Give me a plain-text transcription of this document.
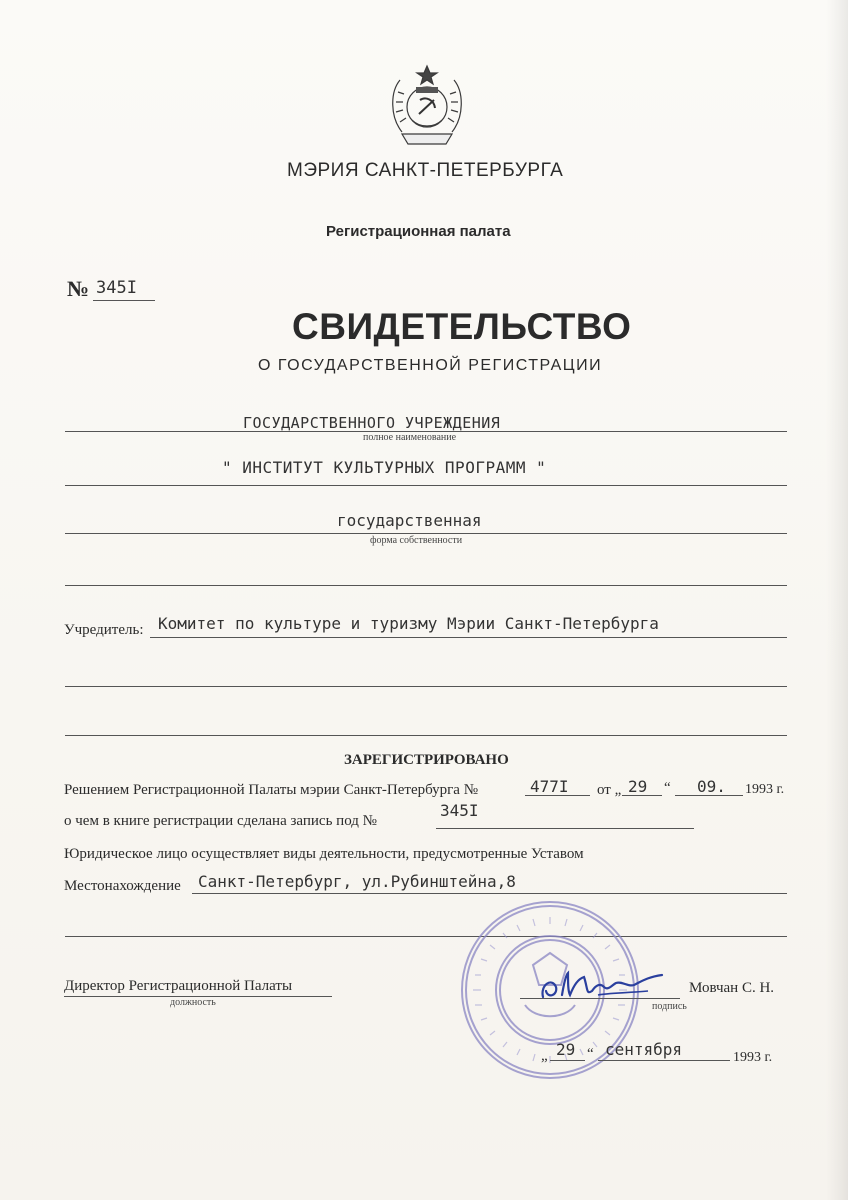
МЭРИЯ САНКТ-ПЕТЕРБУРГА
Регистрационная палата
№ 345I
СВИДЕТЕЛЬСТВО
О ГОСУДАРСТВЕННОЙ РЕГИСТРАЦИИ
ГОСУДАРСТВЕННОГО УЧРЕЖДЕНИЯ
полное наименование
" ИНСТИТУТ КУЛЬТУРНЫХ ПРОГРАММ "
государственная
форма собственности
Учредитель: Комитет по культуре и туризму Мэрии Санкт-Петербурга
ЗАРЕГИСТРИРОВАНО
Решением Регистрационной Палаты мэрии Санкт-Петербурга №	477I от „ 29 “ 09. 1993 г.
о чем в книге регистрации сделана запись под №
345I
Юридическое лицо осуществляет виды деятельности, предусмотренные Уставом
Местонахождение Санкт-Петербург, ул.Рубинштейна,8
Директор Регистрационной Палаты
должность	подпись
Мовчан С. Н.
„ 29 “ сентября	1993 г.
